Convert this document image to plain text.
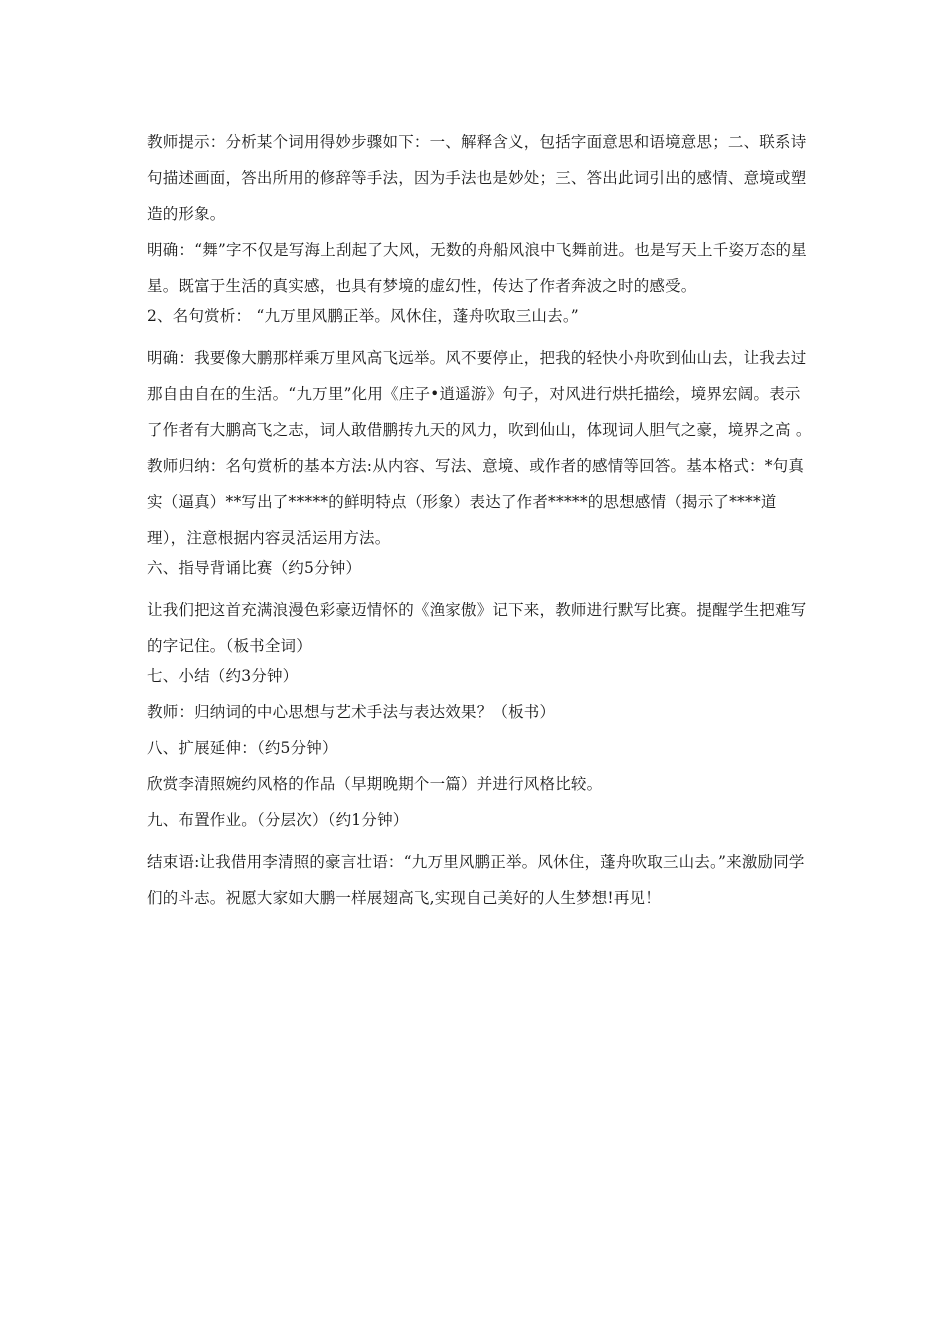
教师提示：分析某个词用得妙步骤如下：一、解释含义，包括字面意思和语境意思；二、联系诗句描述画面，答出所用的修辞等手法，因为手法也是妙处；三、答出此词引出的感情、意境或塑造的形象。

明确：“舞”字不仅是写海上刮起了大风，无数的舟船风浪中飞舞前进。也是写天上千姿万态的星星。既富于生活的真实感，也具有梦境的虚幻性，传达了作者奔波之时的感受。

2、名句赏析： “九万里风鹏正举。风休住，蓬舟吹取三山去。”

明确：我要像大鹏那样乘万里风高飞远举。风不要停止，把我的轻快小舟吹到仙山去，让我去过那自由自在的生活。“九万里”化用《庄子•逍遥游》句子，对风进行烘托描绘，境界宏阔。表示了作者有大鹏高飞之志，词人敢借鹏抟九天的风力，吹到仙山，体现词人胆气之豪，境界之高 。

教师归纳：名句赏析的基本方法:从内容、写法、意境、或作者的感情等回答。基本格式：*句真实（逼真）**写出了*****的鲜明特点（形象）表达了作者*****的思想感情（揭示了****道理），注意根据内容灵活运用方法。

六、指导背诵比赛（约5分钟）

让我们把这首充满浪漫色彩豪迈情怀的《渔家傲》记下来，教师进行默写比赛。提醒学生把难写的字记住。（板书全词）

七、小结（约3分钟）

教师：归纳词的中心思想与艺术手法与表达效果？（板书）

八、扩展延伸：（约5分钟）

欣赏李清照婉约风格的作品（早期晚期个一篇）并进行风格比较。

九、布置作业。（分层次）（约1分钟）

结束语:让我借用李清照的豪言壮语：“九万里风鹏正举。风休住，蓬舟吹取三山去。”来激励同学们的斗志。祝愿大家如大鹏一样展翅高飞,实现自己美好的人生梦想!再见！
